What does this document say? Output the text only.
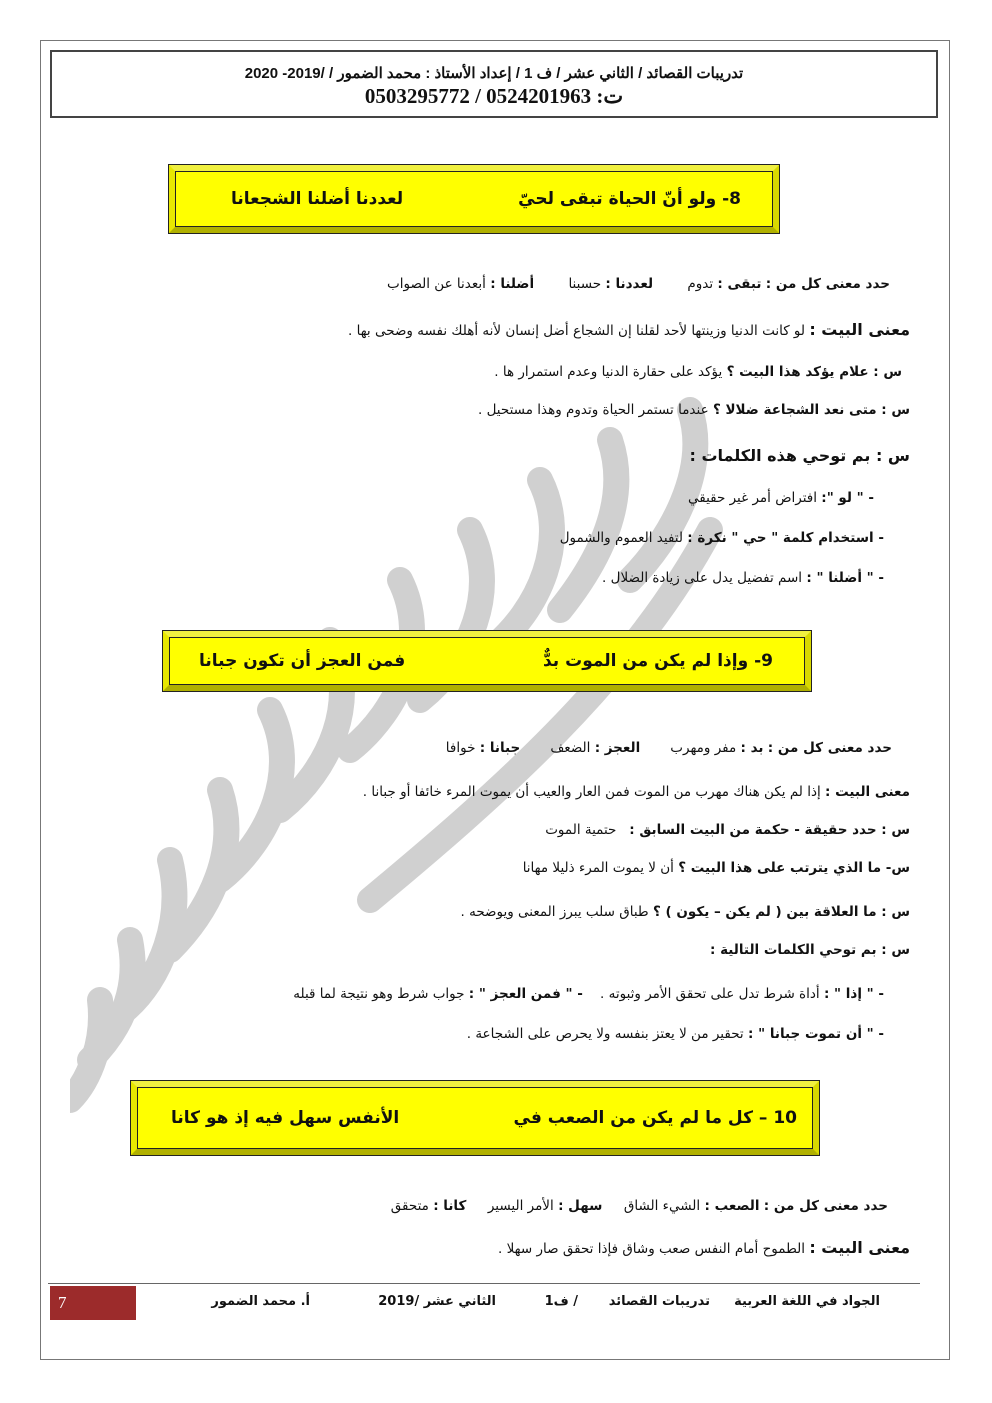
تدريبات القصائد / الثاني عشر / ف 1 / إعداد الأستاذ : محمد الضمور / /2019- 2020
ت: 0524201963 / 0503295772
8- ولو أنّ الحياة تبقى لحيّ
لعددنا أضلنا الشجعانا
حدد معنى كل من : تبقى : تدوم        لعددنا : حسبنا        أضلنا : أبعدنا عن الصواب
معنى البيت : لو كانت الدنيا وزينتها لأحد لقلنا إن الشجاع أضل إنسان لأنه أهلك نفسه وضحى بها .
س : علام يؤكد هذا البيت ؟ يؤكد على حقارة الدنيا وعدم استمرار ها .
س : متى نعد الشجاعة ضلالا ؟ عندما تستمر الحياة وتدوم وهذا مستحيل .
س : بم توحي هذه الكلمات :
- " لو ": افتراض أمر غير حقيقي
- استخدام كلمة " حي " نكرة : لتفيد العموم والشمول
- " أضلنا " : اسم تفضيل يدل على زيادة الضلال .
9- وإذا لم يكن من الموت بدٌّ
فمن العجز أن تكون جبانا
حدد معنى كل من : بد : مفر ومهرب       العجز : الضعف       جبانا : خوافا
معنى البيت : إذا لم يكن هناك مهرب من الموت فمن العار والعيب أن يموت المرء خائفا أو جبانا .
س : حدد حقيقة - حكمة من البيت السابق :   حتمية الموت
س- ما الذي يترتب على هذا البيت ؟ أن لا يموت المرء ذليلا مهانا
س : ما العلاقة بين ( لم يكن – يكون ) ؟ طباق سلب يبرز المعنى ويوضحه .
س : بم توحي الكلمات التالية :
- " إذا " : أداة شرط تدل على تحقق الأمر وثبوته .    - " فمن العجز " : جواب شرط وهو نتيجة لما قبله
- " أن تموت جبانا " : تحقير من لا يعتز بنفسه ولا يحرص على الشجاعة .
10 – كل ما لم يكن من الصعب في
الأنفس سهل فيه إذ هو كانا
حدد معنى كل من : الصعب : الشيء الشاق     سهل : الأمر اليسير     كانا : متحقق
معنى البيت : الطموح أمام النفس صعب وشاق فإذا تحقق صار سهلا .
7	الجواد في اللغة العربية
تدريبات القصائد
/ ف1
الثاني عشر /2019
أ. محمد الضمور
